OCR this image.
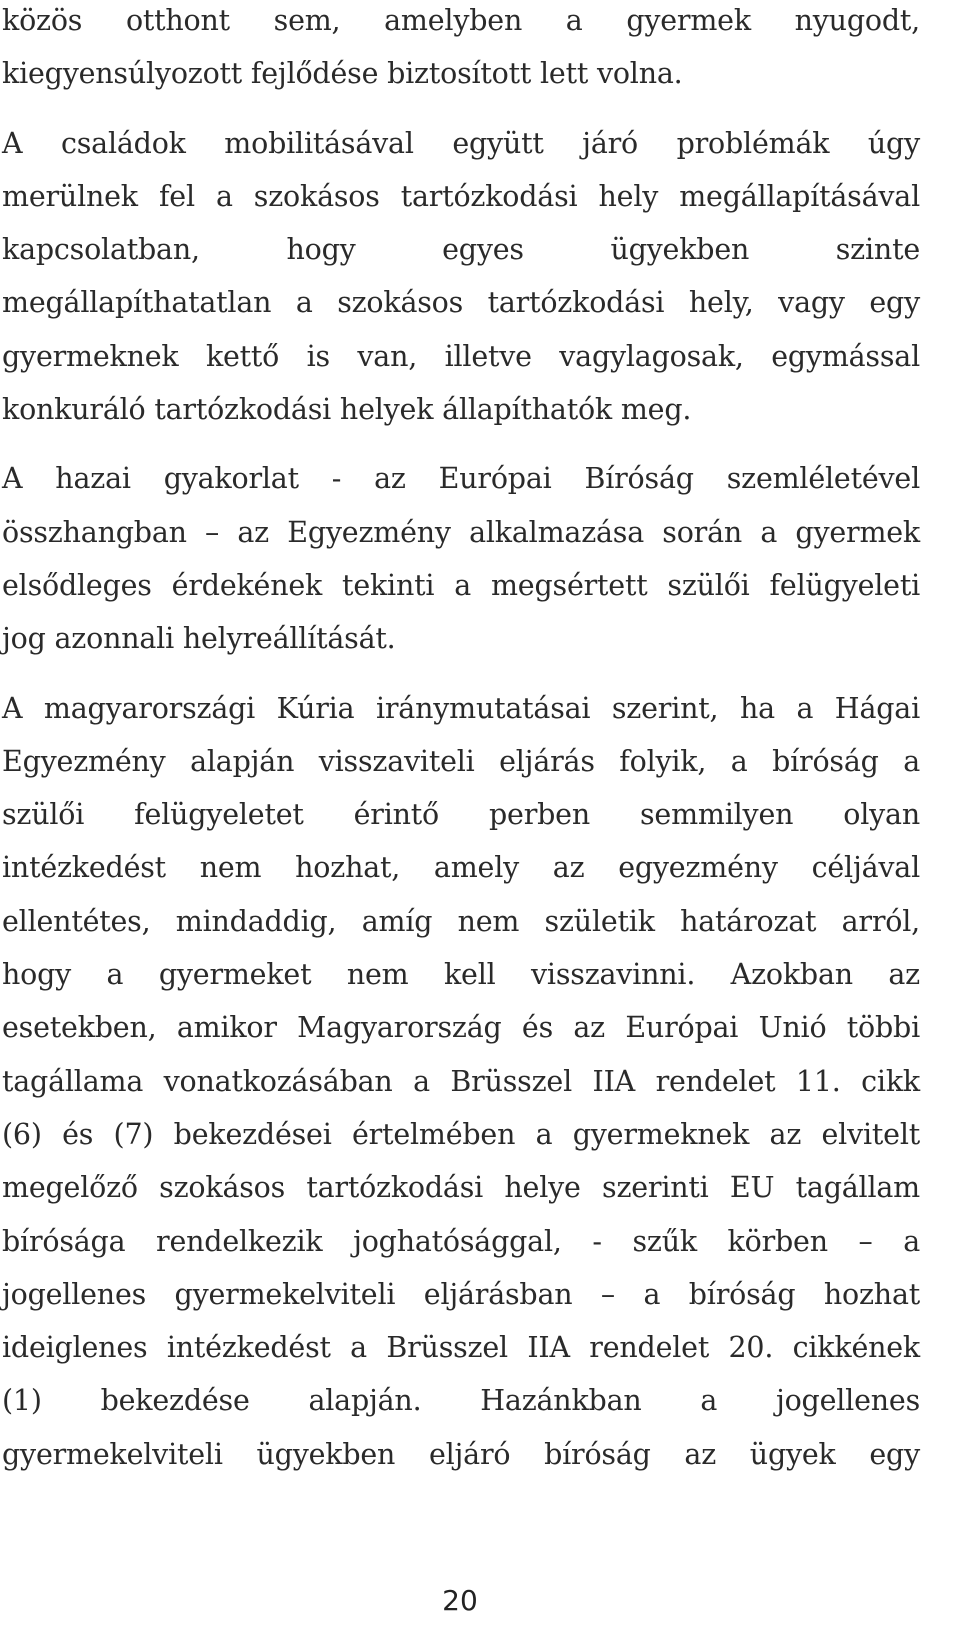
közös otthont sem, amelyben a gyermek nyugodt,
kiegyensúlyozott fejlődése biztosított lett volna.
A családok mobilitásával együtt járó problémák úgy
merülnek fel a szokásos tartózkodási hely megállapításával
kapcsolatban, hogy egyes ügyekben szinte
megállapíthatatlan a szokásos tartózkodási hely, vagy egy
gyermeknek kettő is van, illetve vagylagosak, egymással
konkuráló tartózkodási helyek állapíthatók meg.
A hazai gyakorlat - az Európai Bíróság szemléletével
összhangban – az Egyezmény alkalmazása során a gyermek
elsődleges érdekének tekinti a megsértett szülői felügyeleti
jog azonnali helyreállítását.
A magyarországi Kúria iránymutatásai szerint, ha a Hágai
Egyezmény alapján visszaviteli eljárás folyik, a bíróság a
szülői felügyeletet érintő perben semmilyen olyan
intézkedést nem hozhat, amely az egyezmény céljával
ellentétes, mindaddig, amíg nem születik határozat arról,
hogy a gyermeket nem kell visszavinni. Azokban az
esetekben, amikor Magyarország és az Európai Unió többi
tagállama vonatkozásában a Brüsszel IIA rendelet 11. cikk
(6) és (7) bekezdései értelmében a gyermeknek az elvitelt
megelőző szokásos tartózkodási helye szerinti EU tagállam
bírósága rendelkezik joghatósággal, - szűk körben – a
jogellenes gyermekelviteli eljárásban – a bíróság hozhat
ideiglenes intézkedést a Brüsszel IIA rendelet 20. cikkének
(1) bekezdése alapján. Hazánkban a jogellenes
gyermekelviteli ügyekben eljáró bíróság az ügyek egy
20
